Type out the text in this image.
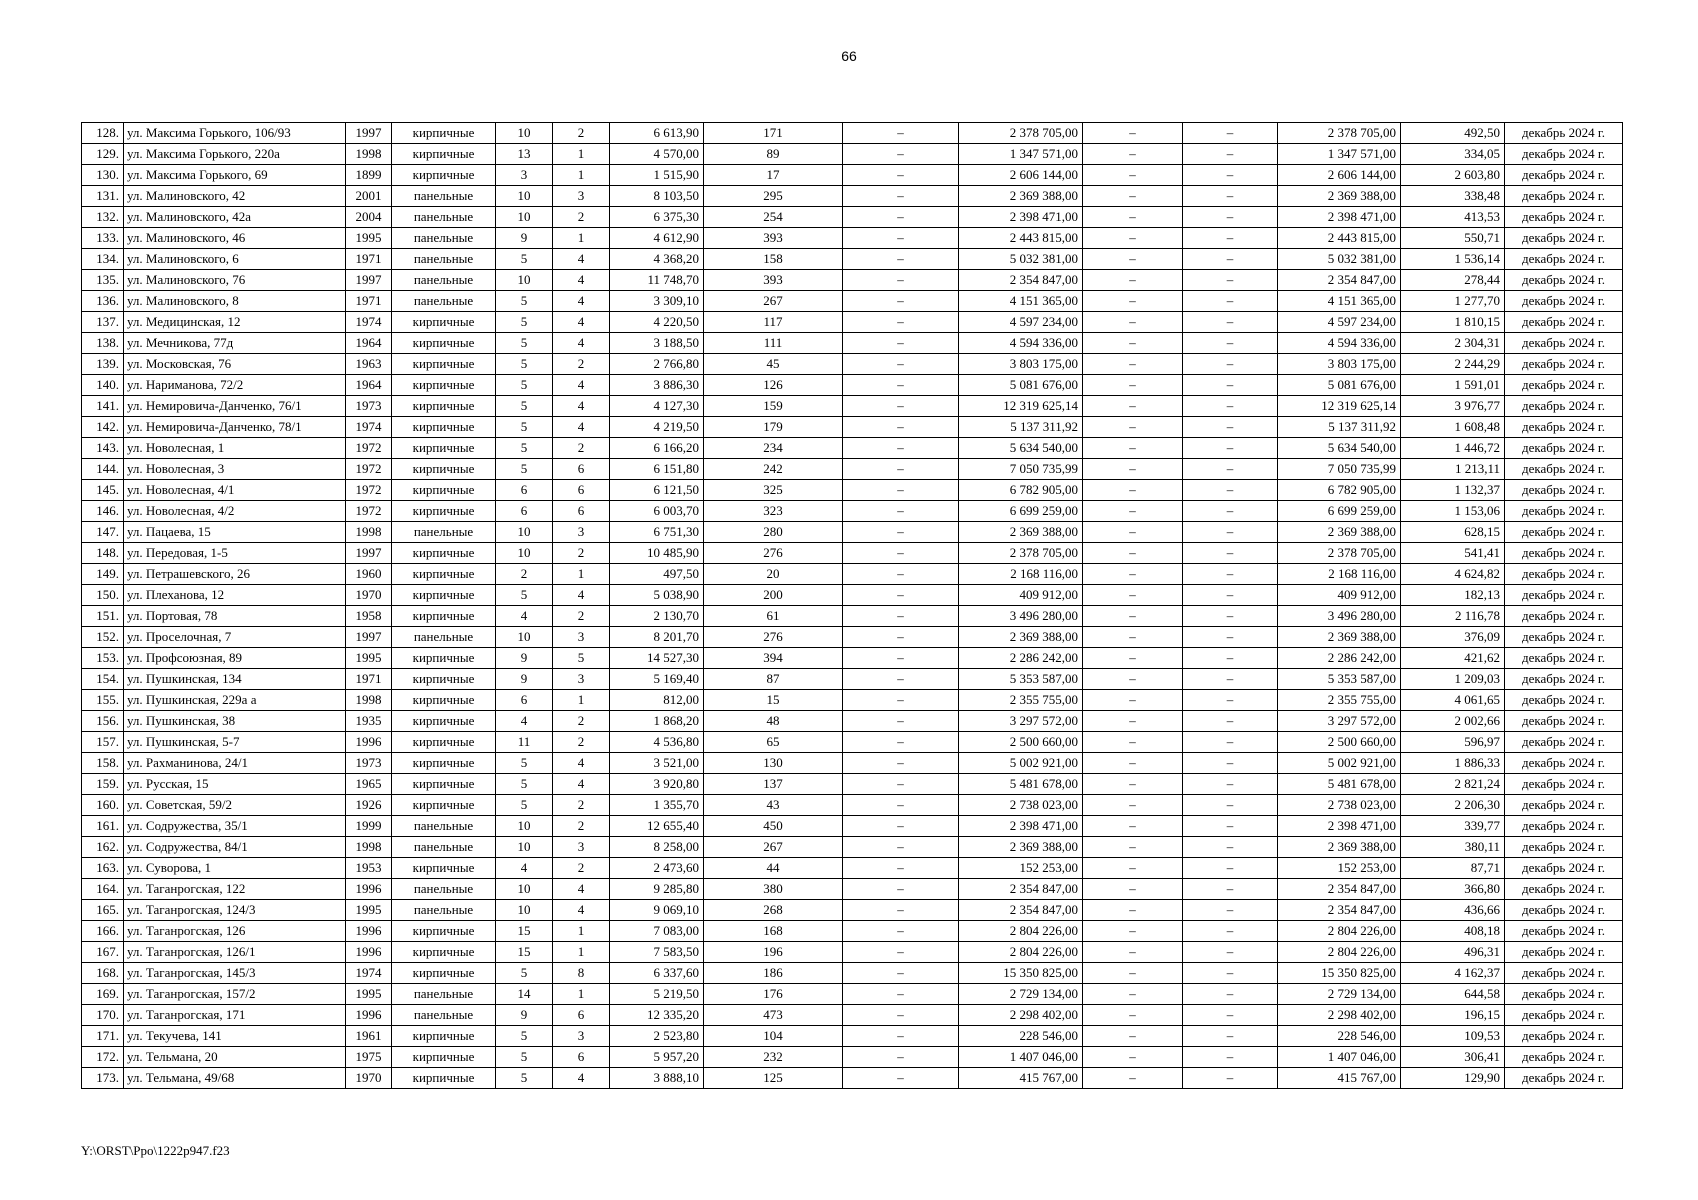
66
128.	ул. Максима Горького, 106/93	1997	кирпичные	10	2	6 613,90	171	–	2 378 705,00	–	–	2 378 705,00	492,50	декабрь 2024 г.
129.	ул. Максима Горького, 220а	1998	кирпичные	13	1	4 570,00	89	–	1 347 571,00	–	–	1 347 571,00	334,05	декабрь 2024 г.
130.	ул. Максима Горького, 69	1899	кирпичные	3	1	1 515,90	17	–	2 606 144,00	–	–	2 606 144,00	2 603,80	декабрь 2024 г.
131.	ул. Малиновского, 42	2001	панельные	10	3	8 103,50	295	–	2 369 388,00	–	–	2 369 388,00	338,48	декабрь 2024 г.
132.	ул. Малиновского, 42а	2004	панельные	10	2	6 375,30	254	–	2 398 471,00	–	–	2 398 471,00	413,53	декабрь 2024 г.
133.	ул. Малиновского, 46	1995	панельные	9	1	4 612,90	393	–	2 443 815,00	–	–	2 443 815,00	550,71	декабрь 2024 г.
134.	ул. Малиновского, 6	1971	панельные	5	4	4 368,20	158	–	5 032 381,00	–	–	5 032 381,00	1 536,14	декабрь 2024 г.
135.	ул. Малиновского, 76	1997	панельные	10	4	11 748,70	393	–	2 354 847,00	–	–	2 354 847,00	278,44	декабрь 2024 г.
136.	ул. Малиновского, 8	1971	панельные	5	4	3 309,10	267	–	4 151 365,00	–	–	4 151 365,00	1 277,70	декабрь 2024 г.
137.	ул. Медицинская, 12	1974	кирпичные	5	4	4 220,50	117	–	4 597 234,00	–	–	4 597 234,00	1 810,15	декабрь 2024 г.
138.	ул. Мечникова, 77д	1964	кирпичные	5	4	3 188,50	111	–	4 594 336,00	–	–	4 594 336,00	2 304,31	декабрь 2024 г.
139.	ул. Московская, 76	1963	кирпичные	5	2	2 766,80	45	–	3 803 175,00	–	–	3 803 175,00	2 244,29	декабрь 2024 г.
140.	ул. Нариманова, 72/2	1964	кирпичные	5	4	3 886,30	126	–	5 081 676,00	–	–	5 081 676,00	1 591,01	декабрь 2024 г.
141.	ул. Немировича-Данченко, 76/1	1973	кирпичные	5	4	4 127,30	159	–	12 319 625,14	–	–	12 319 625,14	3 976,77	декабрь 2024 г.
142.	ул. Немировича-Данченко, 78/1	1974	кирпичные	5	4	4 219,50	179	–	5 137 311,92	–	–	5 137 311,92	1 608,48	декабрь 2024 г.
143.	ул. Новолесная, 1	1972	кирпичные	5	2	6 166,20	234	–	5 634 540,00	–	–	5 634 540,00	1 446,72	декабрь 2024 г.
144.	ул. Новолесная, 3	1972	кирпичные	5	6	6 151,80	242	–	7 050 735,99	–	–	7 050 735,99	1 213,11	декабрь 2024 г.
145.	ул. Новолесная, 4/1	1972	кирпичные	6	6	6 121,50	325	–	6 782 905,00	–	–	6 782 905,00	1 132,37	декабрь 2024 г.
146.	ул. Новолесная, 4/2	1972	кирпичные	6	6	6 003,70	323	–	6 699 259,00	–	–	6 699 259,00	1 153,06	декабрь 2024 г.
147.	ул. Пацаева, 15	1998	панельные	10	3	6 751,30	280	–	2 369 388,00	–	–	2 369 388,00	628,15	декабрь 2024 г.
148.	ул. Передовая, 1-5	1997	кирпичные	10	2	10 485,90	276	–	2 378 705,00	–	–	2 378 705,00	541,41	декабрь 2024 г.
149.	ул. Петрашевского, 26	1960	кирпичные	2	1	497,50	20	–	2 168 116,00	–	–	2 168 116,00	4 624,82	декабрь 2024 г.
150.	ул. Плеханова, 12	1970	кирпичные	5	4	5 038,90	200	–	409 912,00	–	–	409 912,00	182,13	декабрь 2024 г.
151.	ул. Портовая, 78	1958	кирпичные	4	2	2 130,70	61	–	3 496 280,00	–	–	3 496 280,00	2 116,78	декабрь 2024 г.
152.	ул. Проселочная, 7	1997	панельные	10	3	8 201,70	276	–	2 369 388,00	–	–	2 369 388,00	376,09	декабрь 2024 г.
153.	ул. Профсоюзная, 89	1995	кирпичные	9	5	14 527,30	394	–	2 286 242,00	–	–	2 286 242,00	421,62	декабрь 2024 г.
154.	ул. Пушкинская, 134	1971	кирпичные	9	3	5 169,40	87	–	5 353 587,00	–	–	5 353 587,00	1 209,03	декабрь 2024 г.
155.	ул. Пушкинская, 229а а	1998	кирпичные	6	1	812,00	15	–	2 355 755,00	–	–	2 355 755,00	4 061,65	декабрь 2024 г.
156.	ул. Пушкинская, 38	1935	кирпичные	4	2	1 868,20	48	–	3 297 572,00	–	–	3 297 572,00	2 002,66	декабрь 2024 г.
157.	ул. Пушкинская, 5-7	1996	кирпичные	11	2	4 536,80	65	–	2 500 660,00	–	–	2 500 660,00	596,97	декабрь 2024 г.
158.	ул. Рахманинова, 24/1	1973	кирпичные	5	4	3 521,00	130	–	5 002 921,00	–	–	5 002 921,00	1 886,33	декабрь 2024 г.
159.	ул. Русская, 15	1965	кирпичные	5	4	3 920,80	137	–	5 481 678,00	–	–	5 481 678,00	2 821,24	декабрь 2024 г.
160.	ул. Советская, 59/2	1926	кирпичные	5	2	1 355,70	43	–	2 738 023,00	–	–	2 738 023,00	2 206,30	декабрь 2024 г.
161.	ул. Содружества, 35/1	1999	панельные	10	2	12 655,40	450	–	2 398 471,00	–	–	2 398 471,00	339,77	декабрь 2024 г.
162.	ул. Содружества, 84/1	1998	панельные	10	3	8 258,00	267	–	2 369 388,00	–	–	2 369 388,00	380,11	декабрь 2024 г.
163.	ул. Суворова, 1	1953	кирпичные	4	2	2 473,60	44	–	152 253,00	–	–	152 253,00	87,71	декабрь 2024 г.
164.	ул. Таганрогская, 122	1996	панельные	10	4	9 285,80	380	–	2 354 847,00	–	–	2 354 847,00	366,80	декабрь 2024 г.
165.	ул. Таганрогская, 124/3	1995	панельные	10	4	9 069,10	268	–	2 354 847,00	–	–	2 354 847,00	436,66	декабрь 2024 г.
166.	ул. Таганрогская, 126	1996	кирпичные	15	1	7 083,00	168	–	2 804 226,00	–	–	2 804 226,00	408,18	декабрь 2024 г.
167.	ул. Таганрогская, 126/1	1996	кирпичные	15	1	7 583,50	196	–	2 804 226,00	–	–	2 804 226,00	496,31	декабрь 2024 г.
168.	ул. Таганрогская, 145/3	1974	кирпичные	5	8	6 337,60	186	–	15 350 825,00	–	–	15 350 825,00	4 162,37	декабрь 2024 г.
169.	ул. Таганрогская, 157/2	1995	панельные	14	1	5 219,50	176	–	2 729 134,00	–	–	2 729 134,00	644,58	декабрь 2024 г.
170.	ул. Таганрогская, 171	1996	панельные	9	6	12 335,20	473	–	2 298 402,00	–	–	2 298 402,00	196,15	декабрь 2024 г.
171.	ул. Текучева, 141	1961	кирпичные	5	3	2 523,80	104	–	228 546,00	–	–	228 546,00	109,53	декабрь 2024 г.
172.	ул. Тельмана, 20	1975	кирпичные	5	6	5 957,20	232	–	1 407 046,00	–	–	1 407 046,00	306,41	декабрь 2024 г.
173.	ул. Тельмана, 49/68	1970	кирпичные	5	4	3 888,10	125	–	415 767,00	–	–	415 767,00	129,90	декабрь 2024 г.
Y:\ORST\Ppo\1222p947.f23
